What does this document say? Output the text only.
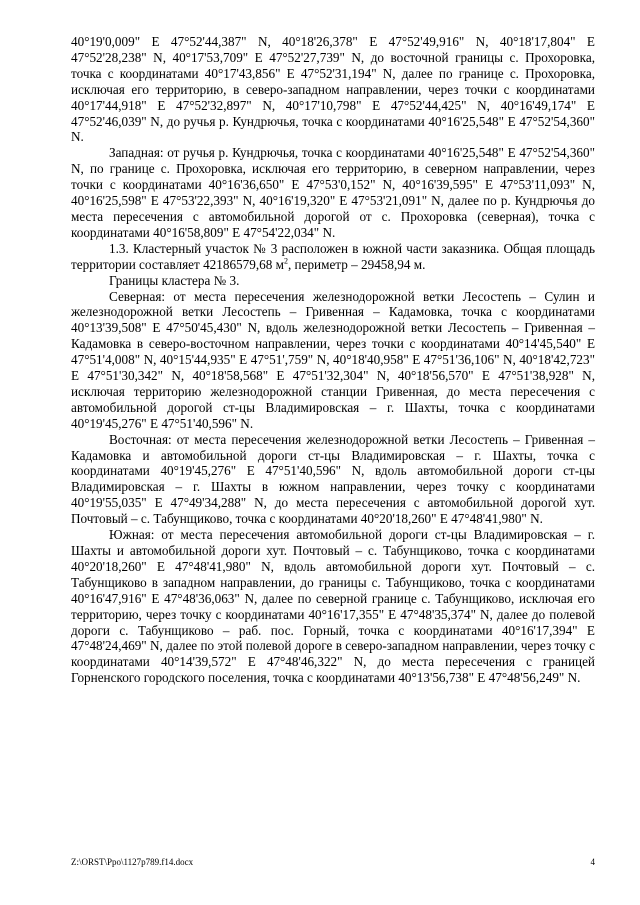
40°19'0,009" E 47°52'44,387" N, 40°18'26,378" E 47°52'49,916" N, 40°18'17,804" E 47°52'28,238" N, 40°17'53,709" E 47°52'27,739" N, до восточной границы с. Прохоровка, точка с координатами 40°17'43,856" E 47°52'31,194" N, далее по границе с. Прохоровка, исключая его территорию, в северо-западном направлении, через точки с координатами 40°17'44,918" E 47°52'32,897" N, 40°17'10,798" E 47°52'44,425" N, 40°16'49,174" E 47°52'46,039" N, до ручья р. Кундрючья, точка с координатами 40°16'25,548" E 47°52'54,360" N.

Западная: от ручья р. Кундрючья, точка с координатами 40°16'25,548" E 47°52'54,360" N, по границе с. Прохоровка, исключая его территорию, в северном направлении, через точки с координатами 40°16'36,650" E 47°53'0,152" N, 40°16'39,595" E 47°53'11,093" N, 40°16'25,598" E 47°53'22,393" N, 40°16'19,320" E 47°53'21,091" N, далее по р. Кундрючья до места пересечения с автомобильной дорогой от с. Прохоровка (северная), точка с координатами 40°16'58,809" E 47°54'22,034" N.

1.3. Кластерный участок № 3 расположен в южной части заказника. Общая площадь территории составляет 42186579,68 $м^2$, периметр – 29458,94 м.

Границы кластера № 3.

Северная: от места пересечения железнодорожной ветки Лесостепь – Сулин и железнодорожной ветки Лесостепь – Гривенная – Кадамовка, точка с координатами 40°13'39,508" E 47°50'45,430" N, вдоль железнодорожной ветки Лесостепь – Гривенная – Кадамовка в северо-восточном направлении, через точки с координатами 40°14'45,540" E 47°51'4,008" N, 40°15'44,935" E 47°51',759" N, 40°18'40,958" E 47°51'36,106" N, 40°18'42,723" E 47°51'30,342" N, 40°18'58,568" E 47°51'32,304" N, 40°18'56,570" E 47°51'38,928" N, исключая территорию железнодорожной станции Гривенная, до места пересечения с автомобильной дорогой ст-цы Владимировская – г. Шахты, точка с координатами 40°19'45,276" E 47°51'40,596" N.

Восточная: от места пересечения железнодорожной ветки Лесостепь – Гривенная – Кадамовка и автомобильной дороги ст-цы Владимировская – г. Шахты, точка с координатами 40°19'45,276" E 47°51'40,596" N, вдоль автомобильной дороги ст-цы Владимировская – г. Шахты в южном направлении, через точку с координатами 40°19'55,035" E 47°49'34,288" N, до места пересечения с автомобильной дорогой хут. Почтовый – с. Табунщиково, точка с координатами 40°20'18,260" E 47°48'41,980" N.

Южная: от места пересечения автомобильной дороги ст-цы Владимировская – г. Шахты и автомобильной дороги хут. Почтовый – с. Табунщиково, точка с координатами 40°20'18,260" E 47°48'41,980" N, вдоль автомобильной дороги хут. Почтовый – с. Табунщиково в западном направлении, до границы с. Табунщиково, точка с координатами 40°16'47,916" E 47°48'36,063" N, далее по северной границе с. Табунщиково, исключая его территорию, через точку с координатами 40°16'17,355" E 47°48'35,374" N, далее до полевой дороги с. Табунщиково – раб. пос. Горный, точка с координатами 40°16'17,394" E 47°48'24,469" N, далее по этой полевой дороге в северо-западном направлении, через точку с координатами 40°14'39,572" E 47°48'46,322" N, до места пересечения с границей Горненского городского поселения, точка с координатами 40°13'56,738" E 47°48'56,249" N.

Z:\ORST\Ppo\1127p789.f14.docx	4
